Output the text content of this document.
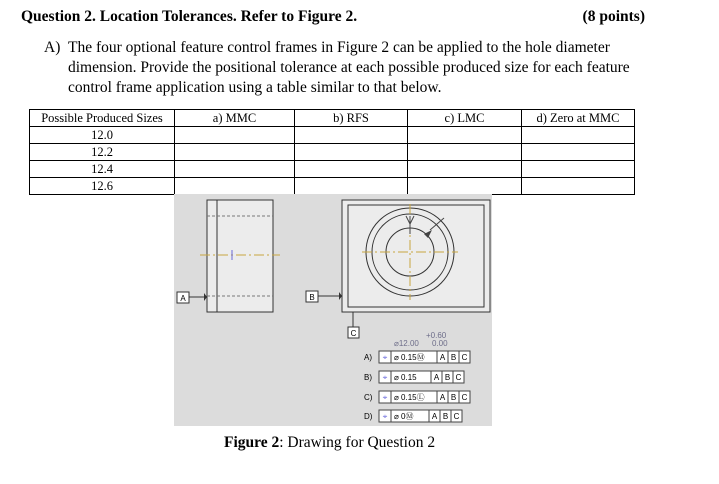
Question 2. Location Tolerances. Refer to Figure 2.	(8 points)
A) The four optional feature control frames in Figure 2 can be applied to the hole diameter dimension. Provide the positional tolerance at each possible produced size for each feature control frame application using a table similar to that below.
Possible Produced Sizes	a) MMC	b) RFS	c) LMC	d) Zero at MMC
12.0				
12.2				
12.4				
12.6				
A	B
C	+0.60
⌀12.00 0.00
A) ⌖ ⌀ 0.15Ⓜ A B C
B) ⌖ ⌀ 0.15 A B C
C) ⌖ ⌀ 0.15Ⓛ A B C
D) ⌖ ⌀ 0Ⓜ A B C
Figure 2: Drawing for Question 2
